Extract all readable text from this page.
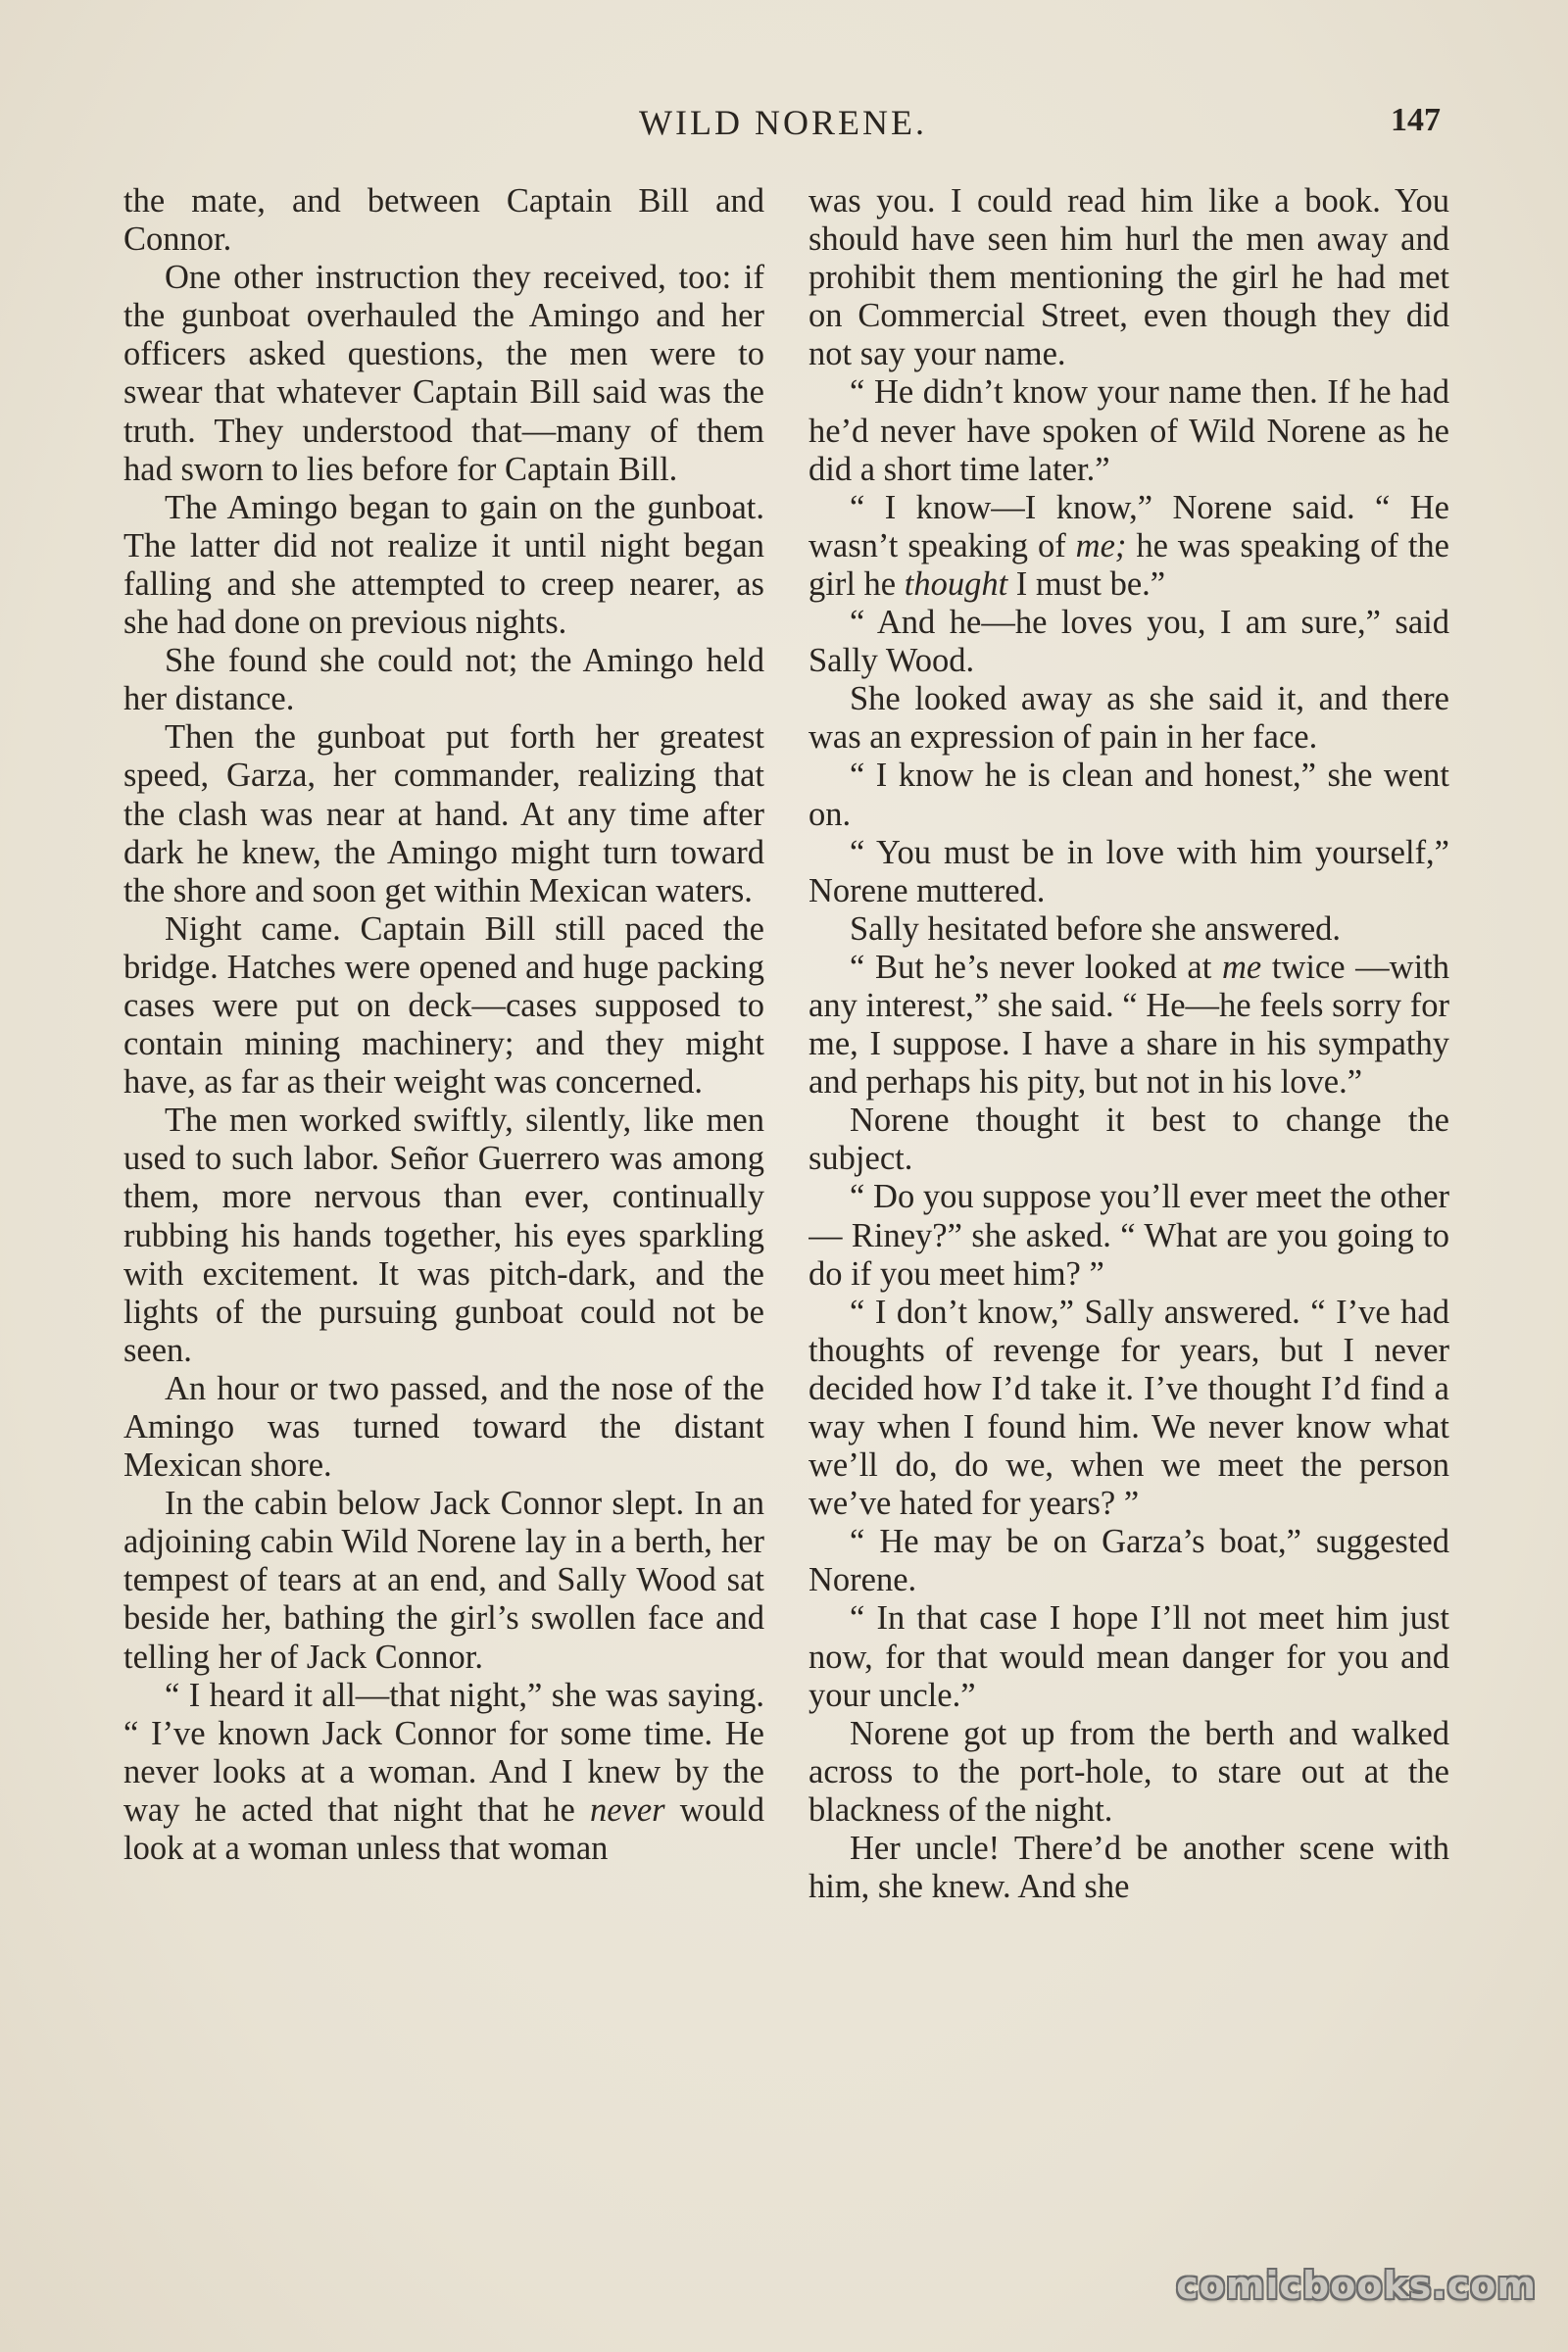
WILD NORENE.	147

the mate, and between Captain Bill and Connor.

One other instruction they received, too: if the gunboat overhauled the Amingo and her officers asked questions, the men were to swear that whatever Captain Bill said was the truth. They understood that—many of them had sworn to lies before for Captain Bill.

The Amingo began to gain on the gunboat. The latter did not realize it until night began falling and she attempted to creep nearer, as she had done on previous nights.

She found she could not; the Amingo held her distance.

Then the gunboat put forth her greatest speed, Garza, her commander, realizing that the clash was near at hand. At any time after dark he knew, the Amingo might turn toward the shore and soon get within Mexican waters.

Night came. Captain Bill still paced the bridge. Hatches were opened and huge packing cases were put on deck—cases supposed to contain mining machinery; and they might have, as far as their weight was concerned.

The men worked swiftly, silently, like men used to such labor. Señor Guerrero was among them, more nervous than ever, continually rubbing his hands together, his eyes sparkling with excitement. It was pitch-dark, and the lights of the pursuing gunboat could not be seen.

An hour or two passed, and the nose of the Amingo was turned toward the distant Mexican shore.

In the cabin below Jack Connor slept. In an adjoining cabin Wild Norene lay in a berth, her tempest of tears at an end, and Sally Wood sat beside her, bathing the girl’s swollen face and telling her of Jack Connor.

“ I heard it all—that night,” she was saying. “ I’ve known Jack Connor for some time. He never looks at a woman. And I knew by the way he acted that night that he never would look at a woman unless that woman

was you. I could read him like a book. You should have seen him hurl the men away and prohibit them mentioning the girl he had met on Commercial Street, even though they did not say your name.

“ He didn’t know your name then. If he had he’d never have spoken of Wild Norene as he did a short time later.”

“ I know—I know,” Norene said. “ He wasn’t speaking of me; he was speaking of the girl he thought I must be.”

“ And he—he loves you, I am sure,” said Sally Wood.

She looked away as she said it, and there was an expression of pain in her face.

“ I know he is clean and honest,” she went on.

“ You must be in love with him yourself,” Norene muttered.

Sally hesitated before she answered.

“ But he’s never looked at me twice —with any interest,” she said. “ He—he feels sorry for me, I suppose. I have a share in his sympathy and perhaps his pity, but not in his love.”

Norene thought it best to change the subject.

“ Do you suppose you’ll ever meet the other — Riney?” she asked. “ What are you going to do if you meet him? ”

“ I don’t know,” Sally answered. “ I’ve had thoughts of revenge for years, but I never decided how I’d take it. I’ve thought I’d find a way when I found him. We never know what we’ll do, do we, when we meet the person we’ve hated for years? ”

“ He may be on Garza’s boat,” suggested Norene.

“ In that case I hope I’ll not meet him just now, for that would mean danger for you and your uncle.”

Norene got up from the berth and walked across to the port-hole, to stare out at the blackness of the night.

Her uncle! There’d be another scene with him, she knew. And she

comicbooks.com
